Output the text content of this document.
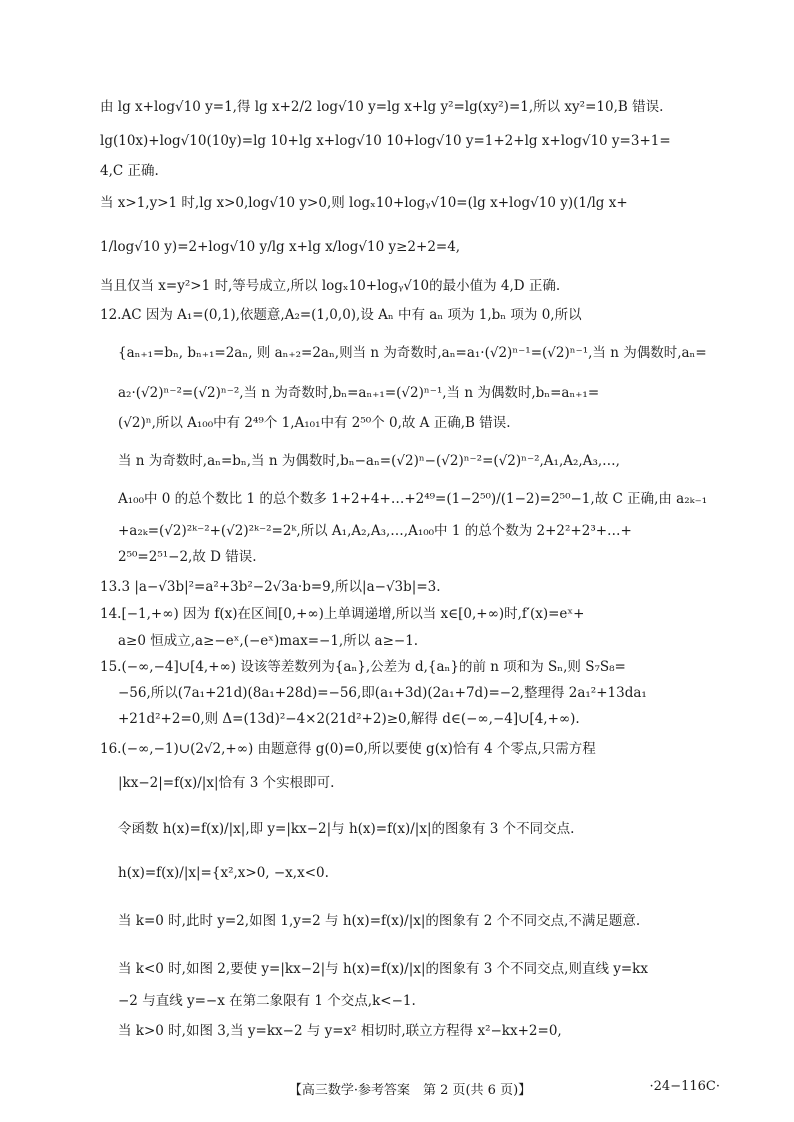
由 lg x+log√10 y=1,得 lg x+2/2 log√10 y=lg x+lg y²=lg(xy²)=1,所以 xy²=10,B 错误.
lg(10x)+log√10(10y)=lg 10+lg x+log√10 10+log√10 y=1+2+lg x+log√10 y=3+1=
4,C 正确.
当 x>1,y>1 时,lg x>0,log√10 y>0,则 logₓ10+logᵧ√10=(lg x+log√10 y)(1/lg x+
1/log√10 y)=2+log√10 y/lg x+lg x/log√10 y≥2+2=4,
当且仅当 x=y²>1 时,等号成立,所以 logₓ10+logᵧ√10的最小值为 4,D 正确.
12.AC 因为 A₁=(0,1),依题意,A₂=(1,0,0),设 Aₙ 中有 aₙ 项为 1,bₙ 项为 0,所以
{aₙ₊₁=bₙ, bₙ₊₁=2aₙ, 则 aₙ₊₂=2aₙ,则当 n 为奇数时,aₙ=a₁·(√2)ⁿ⁻¹=(√2)ⁿ⁻¹,当 n 为偶数时,aₙ=
a₂·(√2)ⁿ⁻²=(√2)ⁿ⁻²,当 n 为奇数时,bₙ=aₙ₊₁=(√2)ⁿ⁻¹,当 n 为偶数时,bₙ=aₙ₊₁=
(√2)ⁿ,所以 A₁₀₀中有 2⁴⁹个 1,A₁₀₁中有 2⁵⁰个 0,故 A 正确,B 错误.
当 n 为奇数时,aₙ=bₙ,当 n 为偶数时,bₙ−aₙ=(√2)ⁿ−(√2)ⁿ⁻²=(√2)ⁿ⁻²,A₁,A₂,A₃,…,
A₁₀₀中 0 的总个数比 1 的总个数多 1+2+4+…+2⁴⁹=(1−2⁵⁰)/(1−2)=2⁵⁰−1,故 C 正确,由 a₂ₖ₋₁
+a₂ₖ=(√2)²ᵏ⁻²+(√2)²ᵏ⁻²=2ᵏ,所以 A₁,A₂,A₃,…,A₁₀₀中 1 的总个数为 2+2²+2³+…+
2⁵⁰=2⁵¹−2,故 D 错误.
13.3 |a−√3b|²=a²+3b²−2√3a·b=9,所以|a−√3b|=3.
14.[−1,+∞) 因为 f(x)在区间[0,+∞)上单调递增,所以当 x∈[0,+∞)时,f′(x)=eˣ+
a≥0 恒成立,a≥−eˣ,(−eˣ)max=−1,所以 a≥−1.
15.(−∞,−4]∪[4,+∞) 设该等差数列为{aₙ},公差为 d,{aₙ}的前 n 项和为 Sₙ,则 S₇S₈=
−56,所以(7a₁+21d)(8a₁+28d)=−56,即(a₁+3d)(2a₁+7d)=−2,整理得 2a₁²+13da₁
+21d²+2=0,则 Δ=(13d)²−4×2(21d²+2)≥0,解得 d∈(−∞,−4]∪[4,+∞).
16.(−∞,−1)∪(2√2,+∞) 由题意得 g(0)=0,所以要使 g(x)恰有 4 个零点,只需方程
|kx−2|=f(x)/|x|恰有 3 个实根即可.
令函数 h(x)=f(x)/|x|,即 y=|kx−2|与 h(x)=f(x)/|x|的图象有 3 个不同交点.
h(x)=f(x)/|x|={x²,x>0, −x,x<0.
当 k=0 时,此时 y=2,如图 1,y=2 与 h(x)=f(x)/|x|的图象有 2 个不同交点,不满足题意.
当 k<0 时,如图 2,要使 y=|kx−2|与 h(x)=f(x)/|x|的图象有 3 个不同交点,则直线 y=kx
−2 与直线 y=−x 在第二象限有 1 个交点,k<−1.
当 k>0 时,如图 3,当 y=kx−2 与 y=x² 相切时,联立方程得 x²−kx+2=0,
【高三数学·参考答案　第 2 页(共 6 页)】	·24−116C·
